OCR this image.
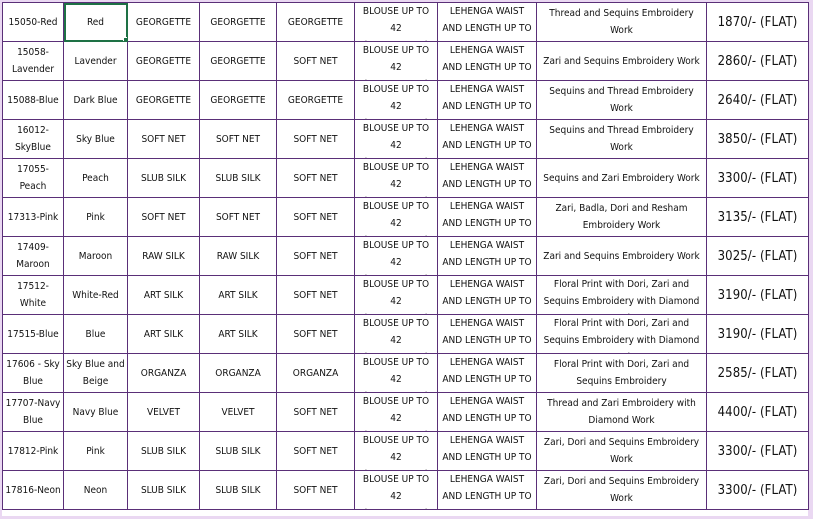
15050-Red	Red	GEORGETTE	GEORGETTE	GEORGETTE	BLOUSE UP TO 42	LEHENGA WAIST AND LENGTH UP TO	Thread and Sequins Embroidery Work	1870/- (FLAT)

15058-Lavender	Lavender	GEORGETTE	GEORGETTE	SOFT NET	BLOUSE UP TO 42	LEHENGA WAIST AND LENGTH UP TO	Zari and Sequins Embroidery Work	2860/- (FLAT)

15088-Blue	Dark Blue	GEORGETTE	GEORGETTE	GEORGETTE	BLOUSE UP TO 42	LEHENGA WAIST AND LENGTH UP TO	Sequins and Thread Embroidery Work	2640/- (FLAT)

16012-SkyBlue	Sky Blue	SOFT NET	SOFT NET	SOFT NET	BLOUSE UP TO 42	LEHENGA WAIST AND LENGTH UP TO	Sequins and Thread Embroidery Work	3850/- (FLAT)

17055-Peach	Peach	SLUB SILK	SLUB SILK	SOFT NET	BLOUSE UP TO 42	LEHENGA WAIST AND LENGTH UP TO	Sequins and Zari Embroidery Work	3300/- (FLAT)

17313-Pink	Pink	SOFT NET	SOFT NET	SOFT NET	BLOUSE UP TO 42	LEHENGA WAIST AND LENGTH UP TO	Zari, Badla, Dori and Resham Embroidery Work	3135/- (FLAT)

17409-Maroon	Maroon	RAW SILK	RAW SILK	SOFT NET	BLOUSE UP TO 42	LEHENGA WAIST AND LENGTH UP TO	Zari and Sequins Embroidery Work	3025/- (FLAT)

17512-White	White-Red	ART SILK	ART SILK	SOFT NET	BLOUSE UP TO 42	LEHENGA WAIST AND LENGTH UP TO	Floral Print with Dori, Zari and Sequins Embroidery with Diamond	3190/- (FLAT)

17515-Blue	Blue	ART SILK	ART SILK	SOFT NET	BLOUSE UP TO 42	LEHENGA WAIST AND LENGTH UP TO	Floral Print with Dori, Zari and Sequins Embroidery with Diamond	3190/- (FLAT)

17606 - Sky Blue	Sky Blue and Beige	ORGANZA	ORGANZA	ORGANZA	BLOUSE UP TO 42	LEHENGA WAIST AND LENGTH UP TO	Floral Print with Dori, Zari and Sequins Embroidery	2585/- (FLAT)

17707-Navy Blue	Navy Blue	VELVET	VELVET	SOFT NET	BLOUSE UP TO 42	LEHENGA WAIST AND LENGTH UP TO	Thread and Zari Embroidery with Diamond Work	4400/- (FLAT)

17812-Pink	Pink	SLUB SILK	SLUB SILK	SOFT NET	BLOUSE UP TO 42	LEHENGA WAIST AND LENGTH UP TO	Zari, Dori and Sequins Embroidery Work	3300/- (FLAT)

17816-Neon	Neon	SLUB SILK	SLUB SILK	SOFT NET	BLOUSE UP TO 42	LEHENGA WAIST AND LENGTH UP TO	Zari, Dori and Sequins Embroidery Work	3300/- (FLAT)
